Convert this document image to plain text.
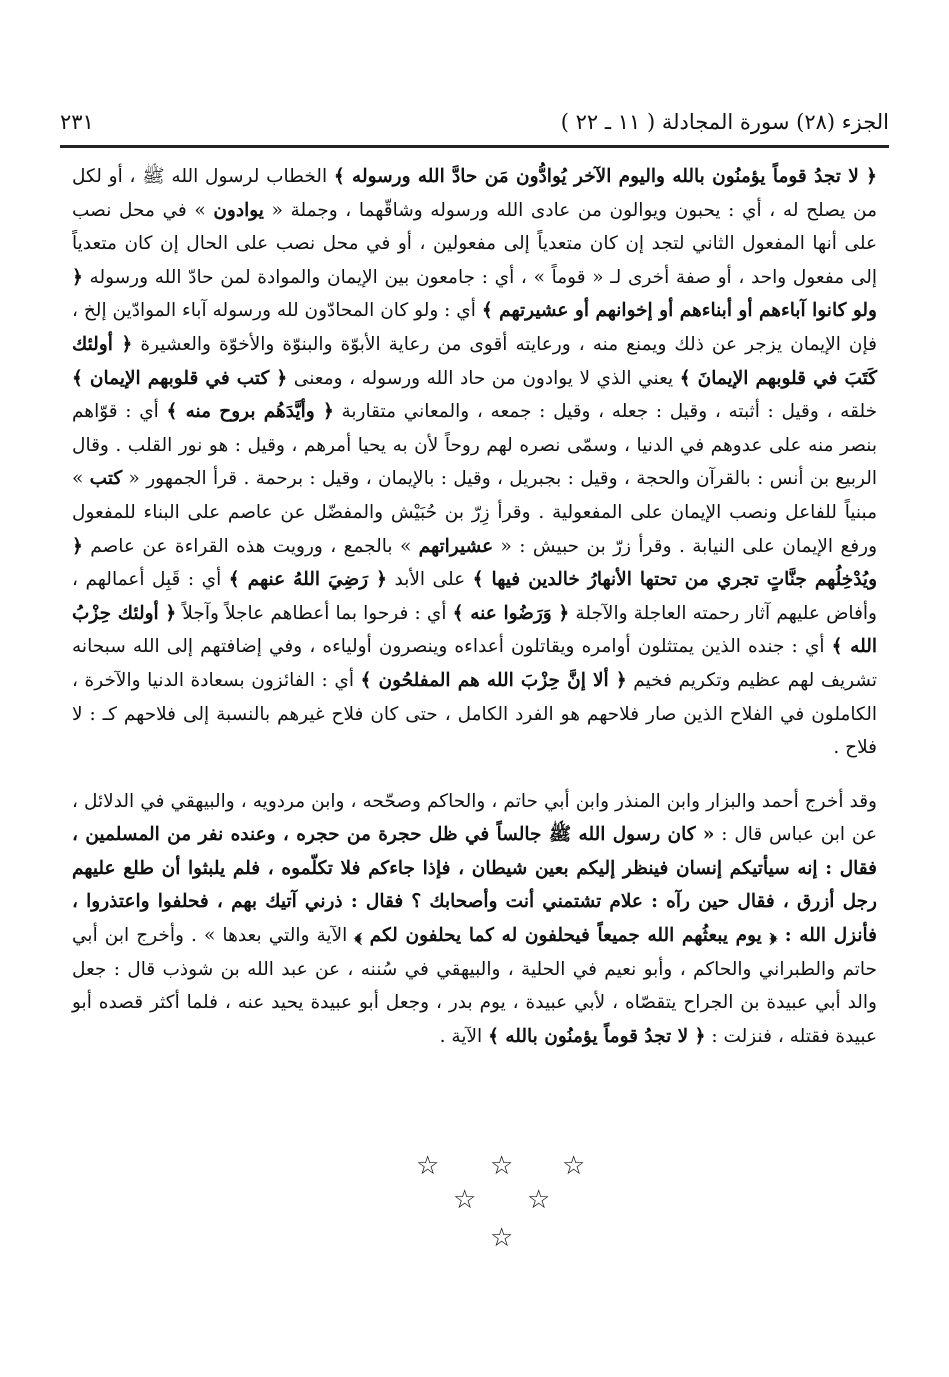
الجزء (٢٨) سورة المجادلة ( ١١ ـ ٢٢ )
٢٣١

﴿ لا تجدُ قوماً يؤمنُون بالله واليوم الآخر يُوادُّون مَن حادَّ الله ورسوله ﴾ الخطاب لرسول الله ﷺ ، أو لكل من يصلح له ، أي : يحبون ويوالون من عادى الله ورسوله وشاقّهما ، وجملة « يوادون » في محل نصب على أنها المفعول الثاني لتجد إن كان متعدياً إلى مفعولين ، أو في محل نصب على الحال إن كان متعدياً إلى مفعول واحد ، أو صفة أخرى لـ « قوماً » ، أي : جامعون بين الإيمان والموادة لمن حادّ الله ورسوله ﴿ ولو كانوا آباءهم أو أبناءهم أو إخوانهم أو عشيرتهم ﴾ أي : ولو كان المحادّون لله ورسوله آباء الموادّين إلخ ، فإن الإيمان يزجر عن ذلك ويمنع منه ، ورعايته أقوى من رعاية الأبوّة والبنوّة والأخوّة والعشيرة ﴿ أولئك كَتَبَ في قلوبهم الإيمانَ ﴾ يعني الذي لا يوادون من حاد الله ورسوله ، ومعنى ﴿ كتب في قلوبهم الإيمان ﴾ خلقه ، وقيل : أثبته ، وقيل : جعله ، وقيل : جمعه ، والمعاني متقاربة ﴿ وأيَّدَهُم بروح منه ﴾ أي : قوّاهم بنصر منه على عدوهم في الدنيا ، وسمّى نصره لهم روحاً لأن به يحيا أمرهم ، وقيل : هو نور القلب . وقال الربيع بن أنس : بالقرآن والحجة ، وقيل : بجبريل ، وقيل : بالإيمان ، وقيل : برحمة . قرأ الجمهور « كتب » مبنياً للفاعل ونصب الإيمان على المفعولية . وقرأ زِرّ بن حُبَيْش والمفضّل عن عاصم على البناء للمفعول ورفع الإيمان على النيابة . وقرأ زرّ بن حبيش : « عشيراتهم » بالجمع ، ورويت هذه القراءة عن عاصم ﴿ ويُدْخِلُهم جنَّاتٍ تجري من تحتها الأنهارُ خالدين فيها ﴾ على الأبد ﴿ رَضِيَ اللهُ عنهم ﴾ أي : قَبِل أعمالهم ، وأفاض عليهم آثار رحمته العاجلة والآجلة ﴿ وَرَضُوا عنه ﴾ أي : فرحوا بما أعطاهم عاجلاً وآجلاً ﴿ أولئك حِزْبُ الله ﴾ أي : جنده الذين يمتثلون أوامره ويقاتلون أعداءه وينصرون أولياءه ، وفي إضافتهم إلى الله سبحانه تشريف لهم عظيم وتكريم فخيم ﴿ ألا إنَّ حِزْبَ الله هم المفلحُون ﴾ أي : الفائزون بسعادة الدنيا والآخرة ، الكاملون في الفلاح الذين صار فلاحهم هو الفرد الكامل ، حتى كان فلاح غيرهم بالنسبة إلى فلاحهم كـ : لا فلاح .

وقد أخرج أحمد والبزار وابن المنذر وابن أبي حاتم ، والحاكم وصحّحه ، وابن مردويه ، والبيهقي في الدلائل ، عن ابن عباس قال : « كان رسول الله ﷺ جالساً في ظل حجرة من حجره ، وعنده نفر من المسلمين ، فقال : إنه سيأتيكم إنسان فينظر إليكم بعين شيطان ، فإذا جاءكم فلا تكلّموه ، فلم يلبثوا أن طلع عليهم رجل أزرق ، فقال حين رآه : علام تشتمني أنت وأصحابك ؟ فقال : ذرني آتيك بهم ، فحلفوا واعتذروا ، فأنزل الله : ﴿ يوم يبعثُهم الله جميعاً فيحلفون له كما يحلفون لكم ﴾ الآية والتي بعدها » . وأخرج ابن أبي حاتم والطبراني والحاكم ، وأبو نعيم في الحلية ، والبيهقي في سُننه ، عن عبد الله بن شوذب قال : جعل والد أبي عبيدة بن الجراح يتقصّاه ، لأبي عبيدة ، يوم بدر ، وجعل أبو عبيدة يحيد عنه ، فلما أكثر قصده أبو عبيدة فقتله ، فنزلت : ﴿ لا تجدُ قوماً يؤمنُون بالله ﴾ الآية .

☆
☆
☆
☆
☆
☆
